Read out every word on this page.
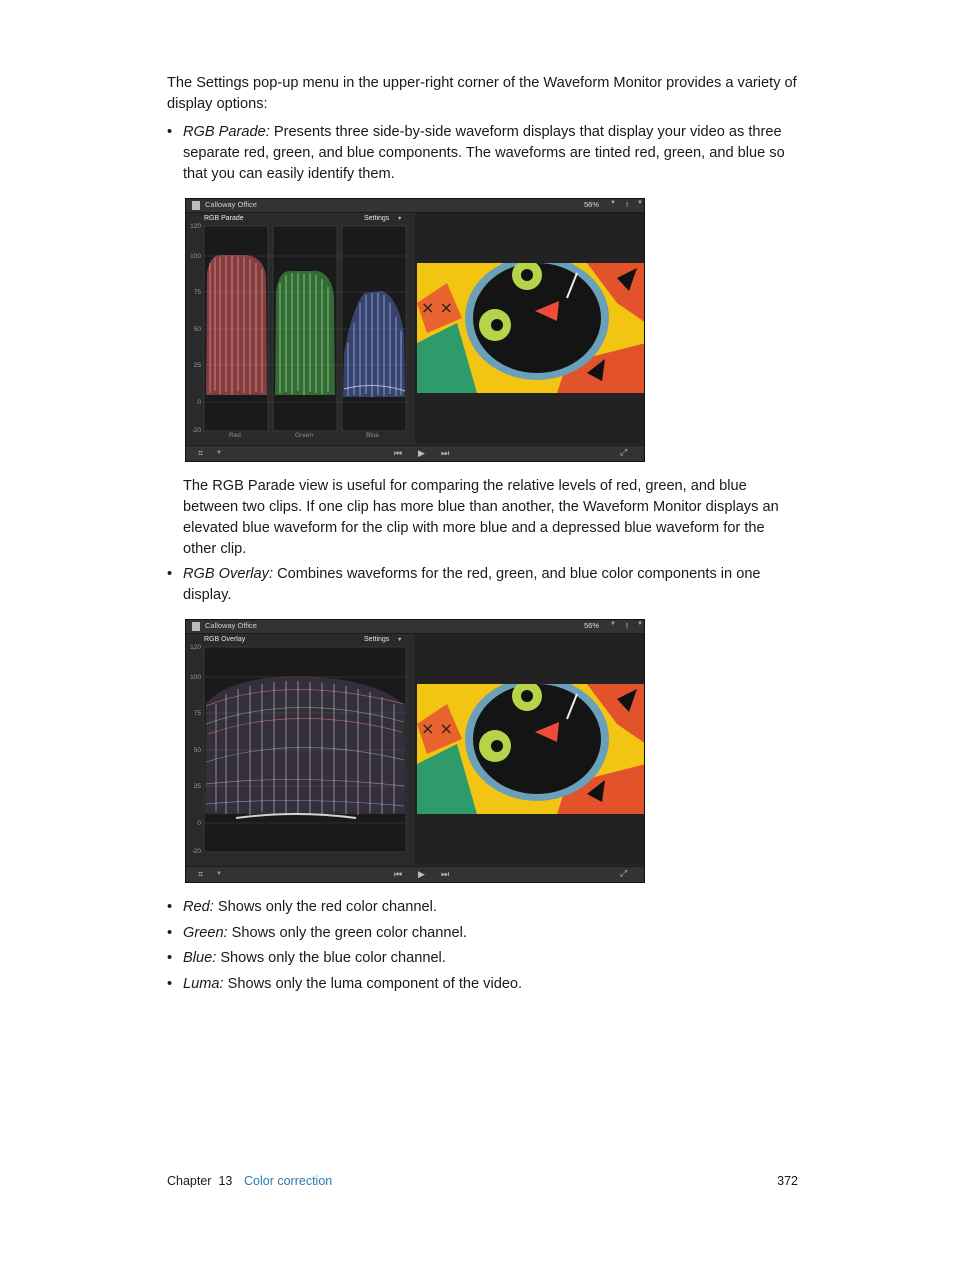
The Settings pop-up menu in the upper-right corner of the Waveform Monitor provides a variety of display options:

• RGB Parade: Presents three side-by-side waveform displays that display your video as three separate red, green, and blue components. The waveforms are tinted red, green, and blue so that you can easily identify them.
Calloway Office	56% ▼ ǃ ▼
RGB Parade	Settings ▼
120
100
75
50
25
0
-20
Red	Green	Blue
× ×
⌗ ▼	⏮ ▶ ⏭	⤢

The RGB Parade view is useful for comparing the relative levels of red, green, and blue between two clips. If one clip has more blue than another, the Waveform Monitor displays an elevated blue waveform for the clip with more blue and a depressed blue waveform for the other clip.

• RGB Overlay: Combines waveforms for the red, green, and blue color components in one display.
Calloway Office	56% ▼ ǃ ▼
RGB Overlay	Settings ▼
120
100
75
50
25
0
-20
× ×
⌗ ▼	⏮ ▶ ⏭	⤢
• Red: Shows only the red color channel.
• Green: Shows only the green color channel.
• Blue: Shows only the blue color channel.
• Luma: Shows only the luma component of the video.
Chapter 13 Color correction	372
